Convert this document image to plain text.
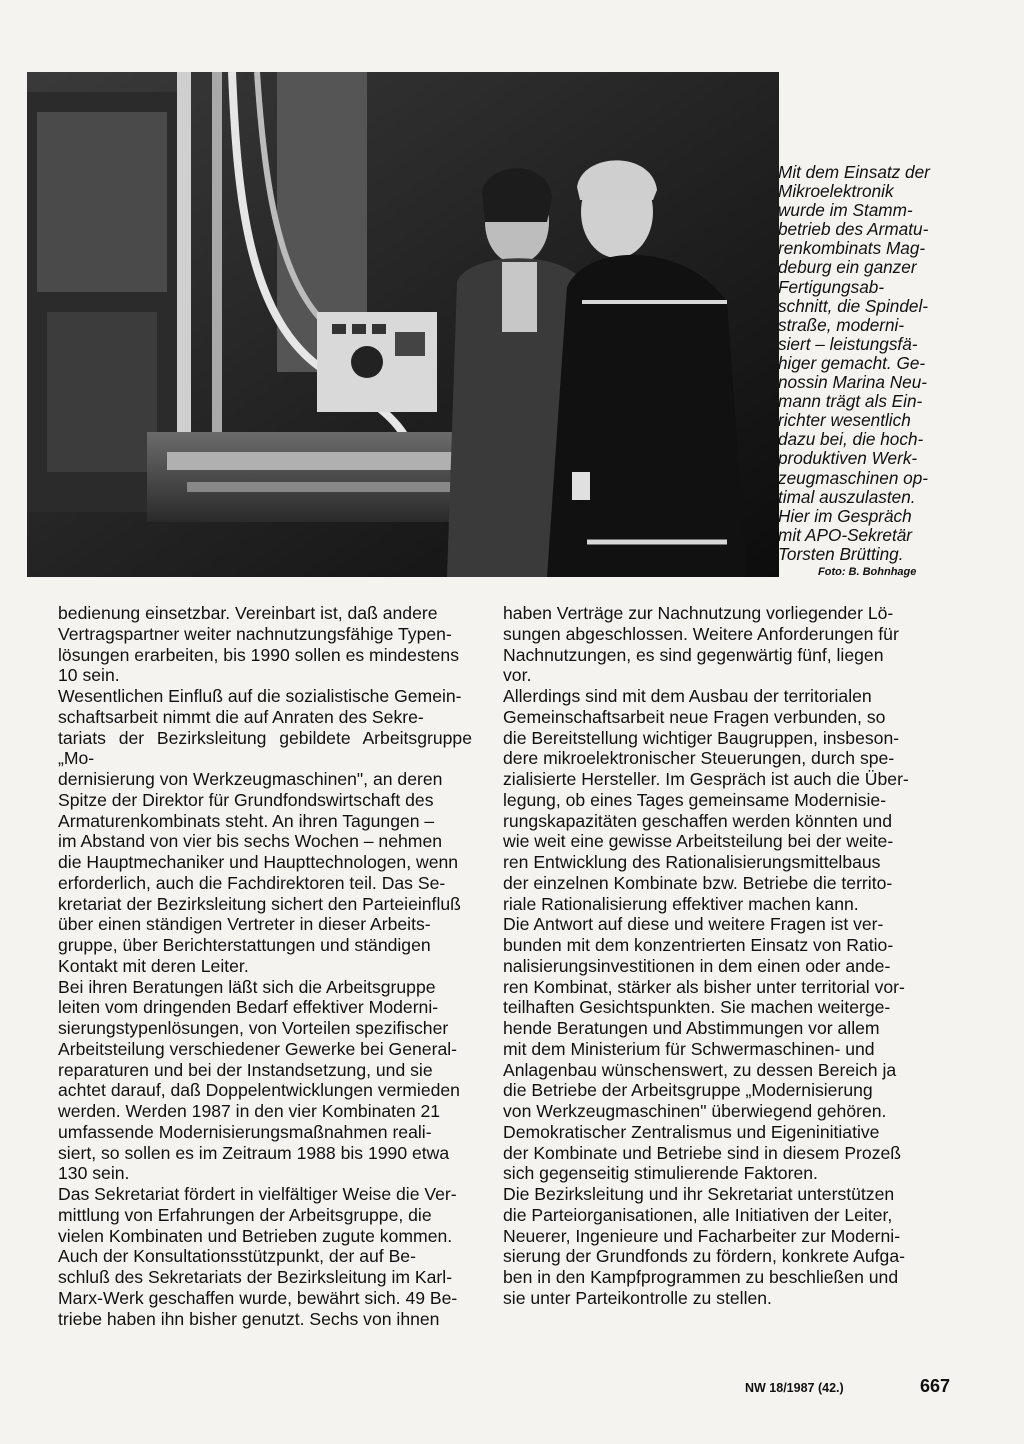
Mit dem Einsatz der

Mikroelektronik

wurde im Stamm-

betrieb des Armatu-

renkombinats Mag-

deburg ein ganzer

Fertigungsab-

schnitt, die Spindel-

straße, moderni-

siert – leistungsfä-

higer gemacht. Ge-

nossin Marina Neu-

mann trägt als Ein-

richter wesentlich

dazu bei, die hoch-

produktiven Werk-

zeugmaschinen op-

timal auszulasten.

Hier im Gespräch

mit APO-Sekretär

Torsten Brütting.

Foto: B. Bohnhage

bedienung einsetzbar. Vereinbart ist, daß andere

Vertragspartner weiter nachnutzungsfähige Typen-

lösungen erarbeiten, bis 1990 sollen es mindestens

10 sein.

Wesentlichen Einfluß auf die sozialistische Gemein-

schaftsarbeit nimmt die auf Anraten des Sekre-

tariats der Bezirksleitung gebildete Arbeitsgruppe „Mo-

dernisierung von Werkzeugmaschinen", an deren

Spitze der Direktor für Grundfondswirtschaft des

Armaturenkombinats steht. An ihren Tagungen –

im Abstand von vier bis sechs Wochen – nehmen

die Hauptmechaniker und Haupttechnologen, wenn

erforderlich, auch die Fachdirektoren teil. Das Se-

kretariat der Bezirksleitung sichert den Parteieinfluß

über einen ständigen Vertreter in dieser Arbeits-

gruppe, über Berichterstattungen und ständigen

Kontakt mit deren Leiter.

Bei ihren Beratungen läßt sich die Arbeitsgruppe

leiten vom dringenden Bedarf effektiver Moderni-

sierungstypenlösungen, von Vorteilen spezifischer

Arbeitsteilung verschiedener Gewerke bei General-

reparaturen und bei der Instandsetzung, und sie

achtet darauf, daß Doppelentwicklungen vermieden

werden. Werden 1987 in den vier Kombinaten 21

umfassende Modernisierungsmaßnahmen reali-

siert, so sollen es im Zeitraum 1988 bis 1990 etwa

130 sein.

Das Sekretariat fördert in vielfältiger Weise die Ver-

mittlung von Erfahrungen der Arbeitsgruppe, die

vielen Kombinaten und Betrieben zugute kommen.

Auch der Konsultationsstützpunkt, der auf Be-

schluß des Sekretariats der Bezirksleitung im Karl-

Marx-Werk geschaffen wurde, bewährt sich. 49 Be-

triebe haben ihn bisher genutzt. Sechs von ihnen

haben Verträge zur Nachnutzung vorliegender Lö-

sungen abgeschlossen. Weitere Anforderungen für

Nachnutzungen, es sind gegenwärtig fünf, liegen

vor.

Allerdings sind mit dem Ausbau der territorialen

Gemeinschaftsarbeit neue Fragen verbunden, so

die Bereitstellung wichtiger Baugruppen, insbeson-

dere mikroelektronischer Steuerungen, durch spe-

zialisierte Hersteller. Im Gespräch ist auch die Über-

legung, ob eines Tages gemeinsame Modernisie-

rungskapazitäten geschaffen werden könnten und

wie weit eine gewisse Arbeitsteilung bei der weite-

ren Entwicklung des Rationalisierungsmittelbaus

der einzelnen Kombinate bzw. Betriebe die territo-

riale Rationalisierung effektiver machen kann.

Die Antwort auf diese und weitere Fragen ist ver-

bunden mit dem konzentrierten Einsatz von Ratio-

nalisierungsinvestitionen in dem einen oder ande-

ren Kombinat, stärker als bisher unter territorial vor-

teilhaften Gesichtspunkten. Sie machen weiterge-

hende Beratungen und Abstimmungen vor allem

mit dem Ministerium für Schwermaschinen- und

Anlagenbau wünschenswert, zu dessen Bereich ja

die Betriebe der Arbeitsgruppe „Modernisierung

von Werkzeugmaschinen" überwiegend gehören.

Demokratischer Zentralismus und Eigeninitiative

der Kombinate und Betriebe sind in diesem Prozeß

sich gegenseitig stimulierende Faktoren.

Die Bezirksleitung und ihr Sekretariat unterstützen

die Parteiorganisationen, alle Initiativen der Leiter,

Neuerer, Ingenieure und Facharbeiter zur Moderni-

sierung der Grundfonds zu fördern, konkrete Aufga-

ben in den Kampfprogrammen zu beschließen und

sie unter Parteikontrolle zu stellen.

NW 18/1987 (42.)	667
